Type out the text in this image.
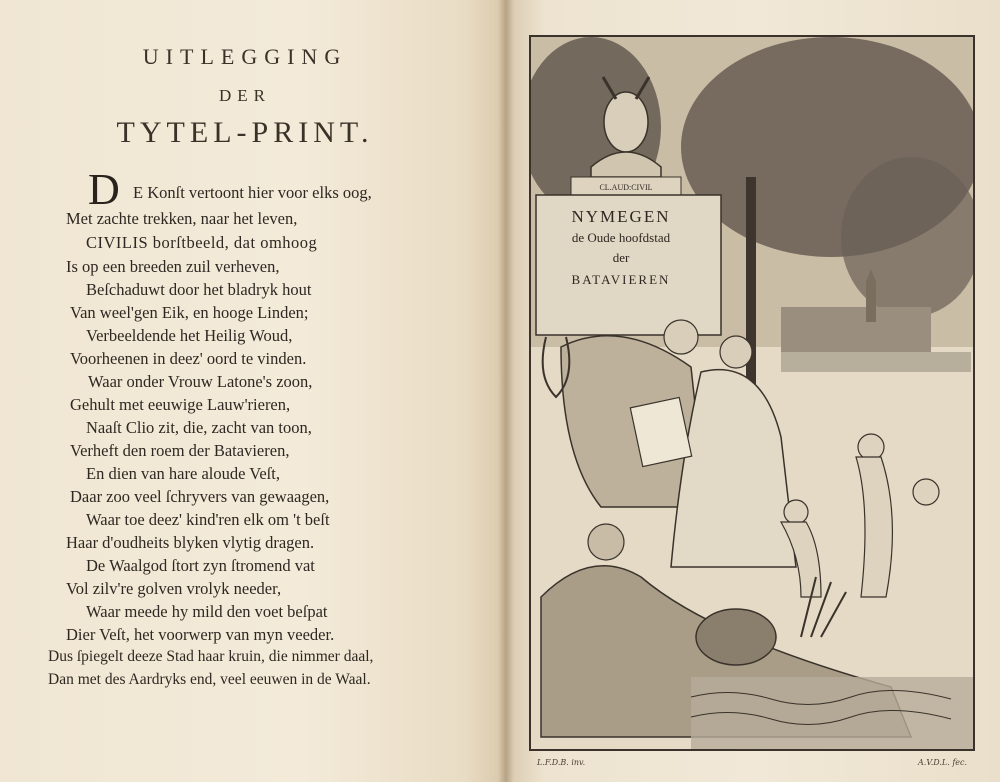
UITLEGGING
DER
TYTEL-PRINT.
D E Konſt vertoont hier voor elks oog,
Met zachte trekken, naar het leven,
CIVILIS borſtbeeld, dat omhoog
Is op een breeden zuil verheven,
Beſchaduwt door het bladryk hout
Van weel'gen Eik, en hooge Linden;
Verbeeldende het Heilig Woud,
Voorheenen in deez' oord te vinden.
Waar onder Vrouw Latone's zoon,
Gehult met eeuwige Lauw'rieren,
Naaſt Clio zit, die, zacht van toon,
Verheft den roem der Batavieren,
En dien van hare aloude Veſt,
Daar zoo veel ſchryvers van gewaagen,
Waar toe deez' kind'ren elk om 't beſt
Haar d'oudheits blyken vlytig dragen.
De Waalgod ſtort zyn ſtromend vat
Vol zilv're golven vrolyk needer,
Waar meede hy mild den voet beſpat
Dier Veſt, het voorwerp van myn veeder.
Dus ſpiegelt deeze Stad haar kruin, die nimmer daal,
Dan met des Aardryks end, veel eeuwen in de Waal.
CL.AUD:CIVIL
NYMEGEN
de Oude hoofdstad
der
BATAVIEREN
L.F.D.B. inv.	A.V.D.L. fec.
